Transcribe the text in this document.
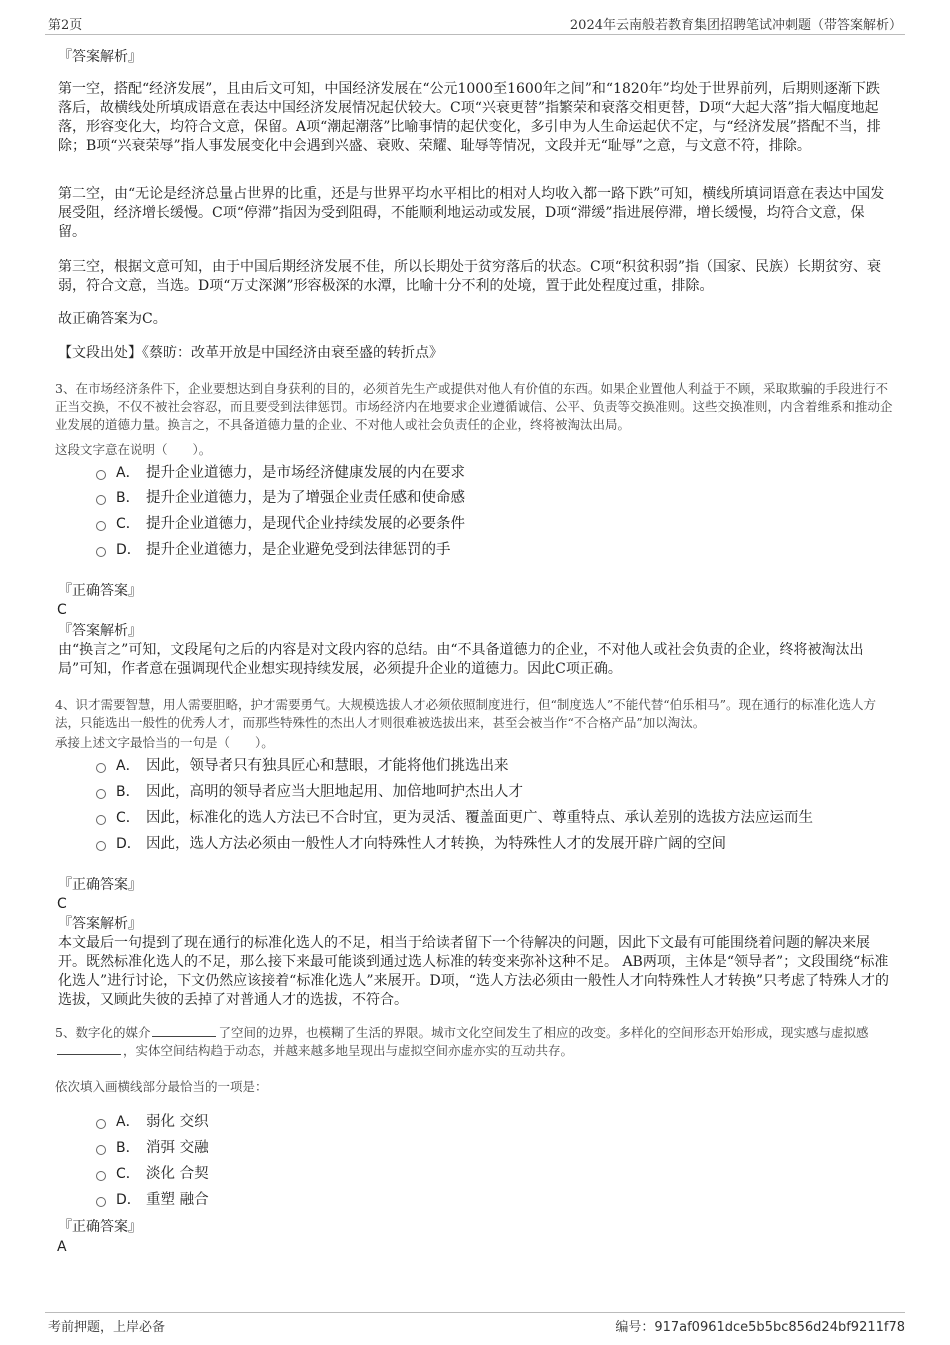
第2页	2024年云南般若教育集团招聘笔试冲刺题（带答案解析）
『答案解析』
第一空，搭配“经济发展”，且由后文可知，中国经济发展在“公元1000至1600年之间”和“1820年”均处于世界前列，后期则逐渐下跌落后，故横线处所填成语意在表达中国经济发展情况起伏较大。C项“兴衰更替”指繁荣和衰落交相更替，D项“大起大落”指大幅度地起落，形容变化大，均符合文意，保留。A项“潮起潮落”比喻事情的起伏变化，多引申为人生命运起伏不定，与“经济发展”搭配不当，排除；B项“兴衰荣辱”指人事发展变化中会遇到兴盛、衰败、荣耀、耻辱等情况，文段并无“耻辱”之意，与文意不符，排除。
第二空，由“无论是经济总量占世界的比重，还是与世界平均水平相比的相对人均收入都一路下跌”可知，横线所填词语意在表达中国发展受阻，经济增长缓慢。C项“停滞”指因为受到阻碍，不能顺利地运动或发展，D项“滞缓”指进展停滞，增长缓慢，均符合文意，保留。
第三空，根据文意可知，由于中国后期经济发展不佳，所以长期处于贫穷落后的状态。C项“积贫积弱”指（国家、民族）长期贫穷、衰弱，符合文意，当选。D项“万丈深渊”形容极深的水潭，比喻十分不利的处境，置于此处程度过重，排除。
故正确答案为C。
【文段出处】《蔡昉：改革开放是中国经济由衰至盛的转折点》
3、在市场经济条件下，企业要想达到自身获利的目的，必须首先生产或提供对他人有价值的东西。如果企业置他人利益于不顾，采取欺骗的手段进行不正当交换，不仅不被社会容忍，而且要受到法律惩罚。市场经济内在地要求企业遵循诚信、公平、负责等交换准则。这些交换准则，内含着维系和推动企业发展的道德力量。换言之，不具备道德力量的企业、不对他人或社会负责任的企业，终将被淘汰出局。
这段文字意在说明（　　）。
A． 提升企业道德力，是市场经济健康发展的内在要求
B． 提升企业道德力，是为了增强企业责任感和使命感
C． 提升企业道德力，是现代企业持续发展的必要条件
D． 提升企业道德力，是企业避免受到法律惩罚的手
『正确答案』
C
『答案解析』
由“换言之”可知，文段尾句之后的内容是对文段内容的总结。由“不具备道德力的企业，不对他人或社会负责的企业，终将被淘汰出局”可知，作者意在强调现代企业想实现持续发展，必须提升企业的道德力。因此C项正确。
4、识才需要智慧，用人需要胆略，护才需要勇气。大规模选拔人才必须依照制度进行，但“制度选人”不能代替“伯乐相马”。现在通行的标准化选人方法，只能选出一般性的优秀人才，而那些特殊性的杰出人才则很难被选拔出来，甚至会被当作“不合格产品”加以淘汰。
承接上述文字最恰当的一句是（　　）。
A． 因此，领导者只有独具匠心和慧眼，才能将他们挑选出来
B． 因此，高明的领导者应当大胆地起用、加倍地呵护杰出人才
C． 因此，标准化的选人方法已不合时宜，更为灵活、覆盖面更广、尊重特点、承认差别的选拔方法应运而生
D． 因此，选人方法必须由一般性人才向特殊性人才转换，为特殊性人才的发展开辟广阔的空间
『正确答案』
C
『答案解析』
本文最后一句提到了现在通行的标准化选人的不足，相当于给读者留下一个待解决的问题，因此下文最有可能围绕着问题的解决来展开。既然标准化选人的不足，那么接下来最可能谈到通过选人标准的转变来弥补这种不足。 AB两项，主体是“领导者”；文段围绕“标准化选人”进行讨论，下文仍然应该接着“标准化选人”来展开。D项，“选人方法必须由一般性人才向特殊性人才转换”只考虑了特殊人才的选拔，又顾此失彼的丢掉了对普通人才的选拔，不符合。
5、数字化的媒介	了空间的边界，也模糊了生活的界限。城市文化空间发生了相应的改变。多样化的空间形态开始形成，现实感与虚拟感，实体空间结构趋于动态，并越来越多地呈现出与虚拟空间亦虚亦实的互动共存。
依次填入画横线部分最恰当的一项是：
A． 弱化 交织
B． 消弭 交融
C． 淡化 合契
D． 重塑 融合
『正确答案』
A
考前押题，上岸必备	编号：917af0961dce5b5bc856d24bf9211f78
